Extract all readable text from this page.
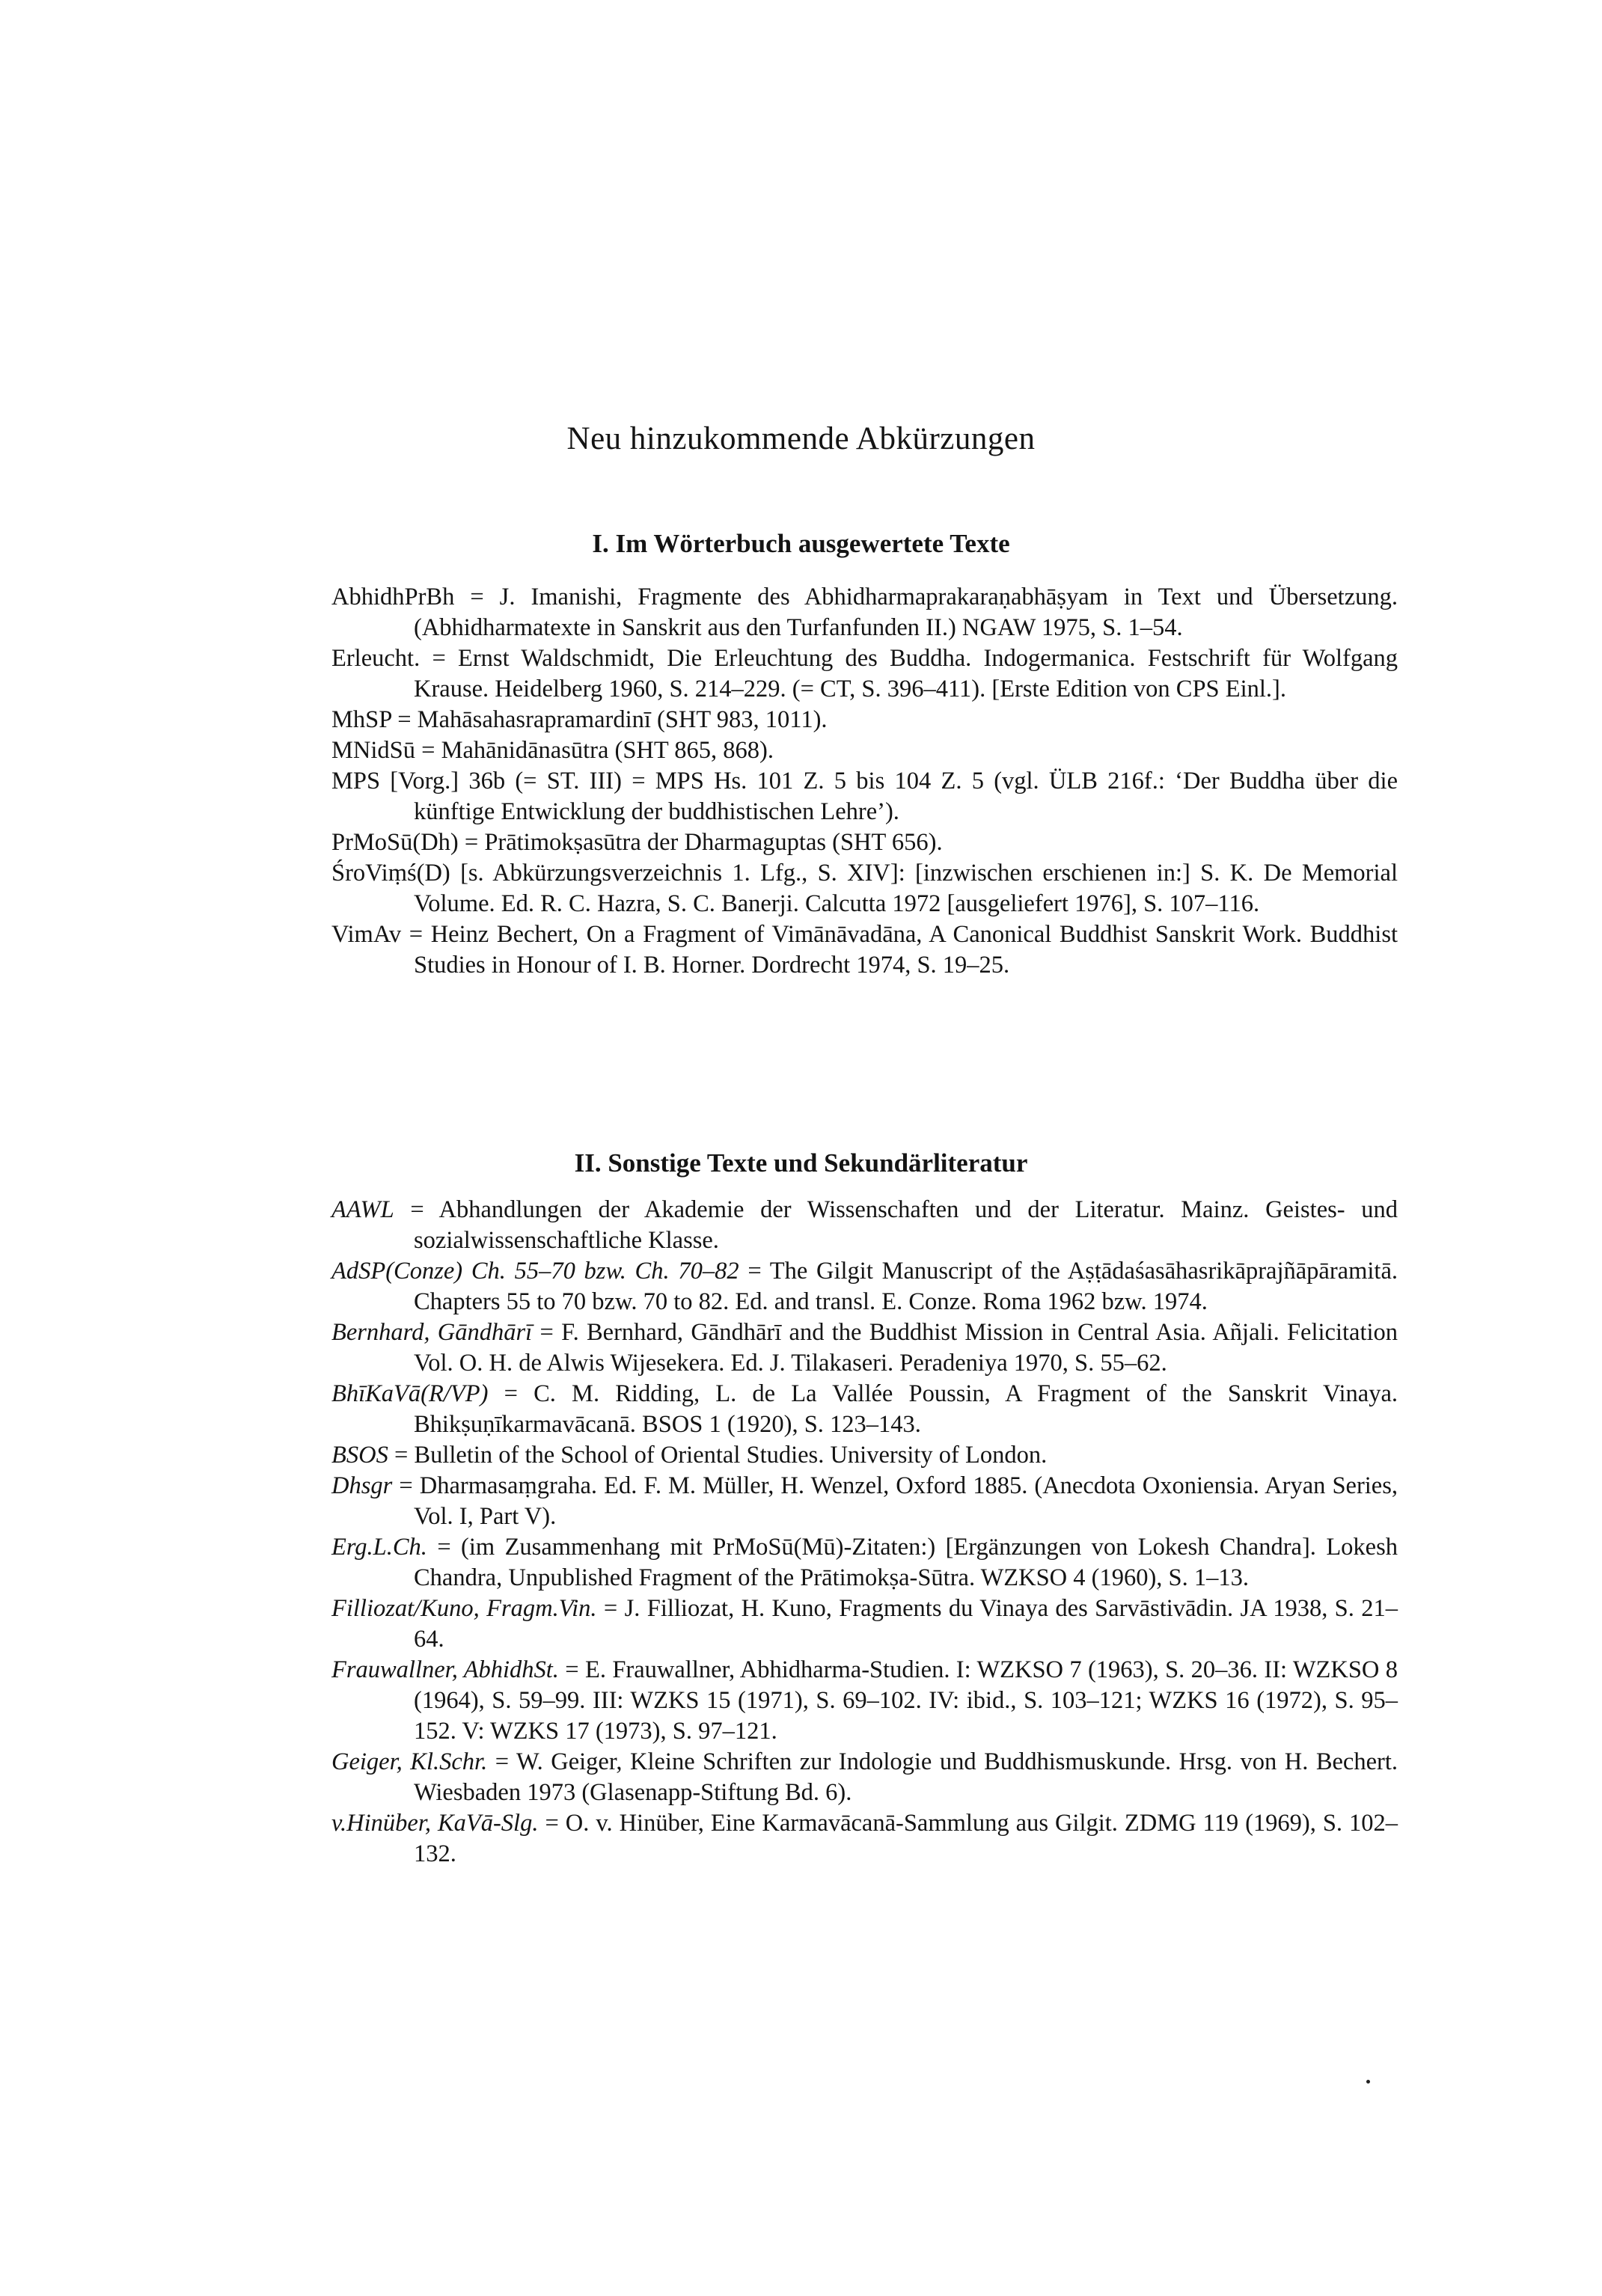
Neu hinzukommende Abkürzungen
I. Im Wörterbuch ausgewertete Texte
AbhidhPrBh = J. Imanishi, Fragmente des Abhidharmaprakaraṇabhāṣyam in Text und Übersetzung. (Abhidharmatexte in Sanskrit aus den Turfanfunden II.) NGAW 1975, S. 1–54.
Erleucht. = Ernst Waldschmidt, Die Erleuchtung des Buddha. Indogermanica. Festschrift für Wolfgang Krause. Heidelberg 1960, S. 214–229. (= CT, S. 396–411). [Erste Edition von CPS Einl.].
MhSP = Mahāsahasrapramardinī (SHT 983, 1011).
MNidSū = Mahānidānasūtra (SHT 865, 868).
MPS [Vorg.] 36b (= ST. III) = MPS Hs. 101 Z. 5 bis 104 Z. 5 (vgl. ÜLB 216f.: ‘Der Buddha über die künftige Entwicklung der buddhistischen Lehre’).
PrMoSū(Dh) = Prātimokṣasūtra der Dharmaguptas (SHT 656).
ŚroViṃś(D) [s. Abkürzungsverzeichnis 1. Lfg., S. XIV]: [inzwischen erschienen in:] S. K. De Memorial Volume. Ed. R. C. Hazra, S. C. Banerji. Calcutta 1972 [ausgeliefert 1976], S. 107–116.
VimAv = Heinz Bechert, On a Fragment of Vimānāvadāna, A Canonical Buddhist Sanskrit Work. Buddhist Studies in Honour of I. B. Horner. Dordrecht 1974, S. 19–25.
II. Sonstige Texte und Sekundärliteratur
AAWL = Abhandlungen der Akademie der Wissenschaften und der Literatur. Mainz. Geistes- und sozialwissenschaftliche Klasse.
AdSP(Conze) Ch. 55–70 bzw. Ch. 70–82 = The Gilgit Manuscript of the Aṣṭādaśasāhasrikāprajñāpāramitā. Chapters 55 to 70 bzw. 70 to 82. Ed. and transl. E. Conze. Roma 1962 bzw. 1974.
Bernhard, Gāndhārī = F. Bernhard, Gāndhārī and the Buddhist Mission in Central Asia. Añjali. Felicitation Vol. O. H. de Alwis Wijesekera. Ed. J. Tilakaseri. Peradeniya 1970, S. 55–62.
BhīKaVā(R/VP) = C. M. Ridding, L. de La Vallée Poussin, A Fragment of the Sanskrit Vinaya. Bhikṣuṇīkarmavācanā. BSOS 1 (1920), S. 123–143.
BSOS = Bulletin of the School of Oriental Studies. University of London.
Dhsgr = Dharmasaṃgraha. Ed. F. M. Müller, H. Wenzel, Oxford 1885. (Anecdota Oxoniensia. Aryan Series, Vol. I, Part V).
Erg.L.Ch. = (im Zusammenhang mit PrMoSū(Mū)-Zitaten:) [Ergänzungen von Lokesh Chandra]. Lokesh Chandra, Unpublished Fragment of the Prātimokṣa-Sūtra. WZKSO 4 (1960), S. 1–13.
Filliozat/Kuno, Fragm.Vin. = J. Filliozat, H. Kuno, Fragments du Vinaya des Sarvāstivādin. JA 1938, S. 21–64.
Frauwallner, AbhidhSt. = E. Frauwallner, Abhidharma-Studien. I: WZKSO 7 (1963), S. 20–36. II: WZKSO 8 (1964), S. 59–99. III: WZKS 15 (1971), S. 69–102. IV: ibid., S. 103–121; WZKS 16 (1972), S. 95–152. V: WZKS 17 (1973), S. 97–121.
Geiger, Kl.Schr. = W. Geiger, Kleine Schriften zur Indologie und Buddhismuskunde. Hrsg. von H. Bechert. Wiesbaden 1973 (Glasenapp-Stiftung Bd. 6).
v.Hinüber, KaVā-Slg. = O. v. Hinüber, Eine Karmavācanā-Sammlung aus Gilgit. ZDMG 119 (1969), S. 102–132.
